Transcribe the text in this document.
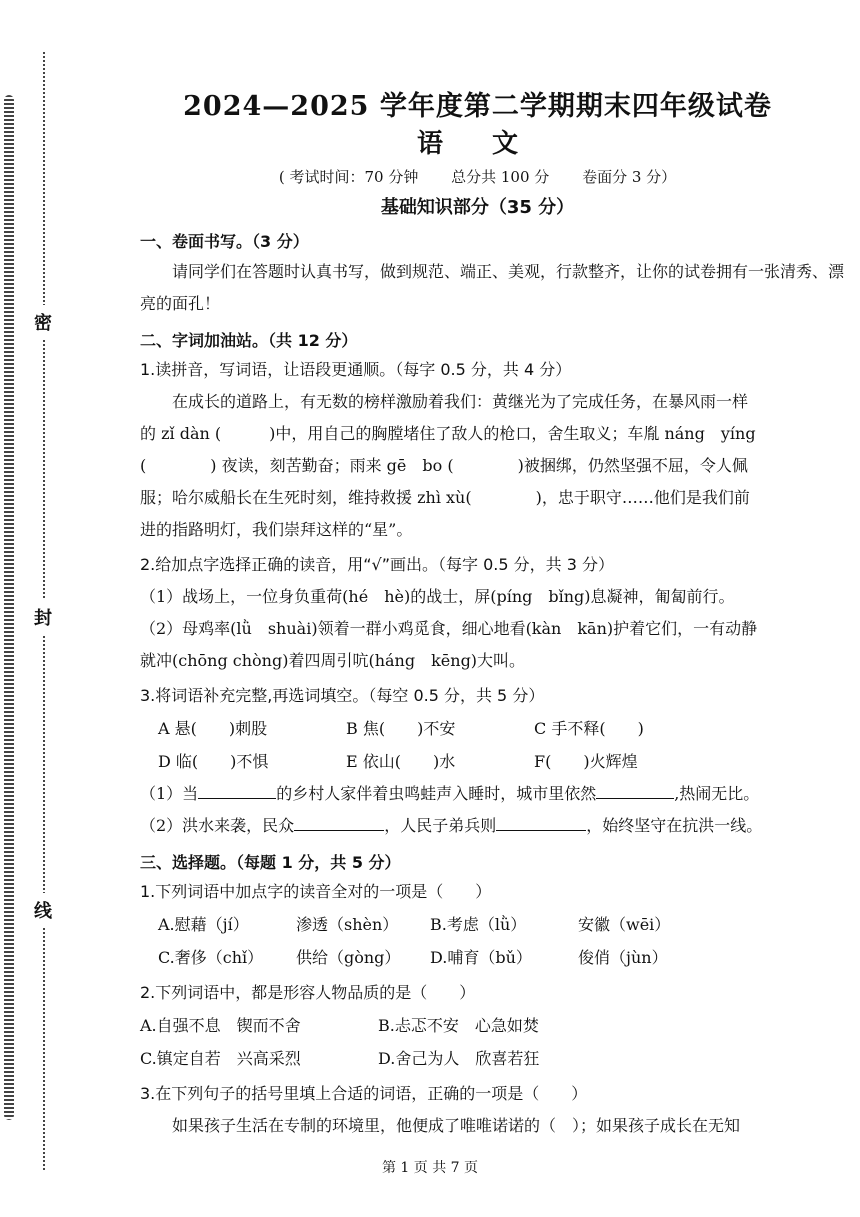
密
封
线
2024—2025 学年度第二学期期末四年级试卷
语 文
( 考试时间：70 分钟 总分共 100 分 卷面分 3 分）
基础知识部分（35 分）
一、卷面书写。（3 分）

请同学们在答题时认真书写，做到规范、端正、美观，行款整齐，让你的试卷拥有一张清秀、漂亮的面孔！

二、字词加油站。（共 12 分）
1.读拼音，写词语，让语段更通顺。（每字 0.5 分，共 4 分）

在成长的道路上，有无数的榜样激励着我们：黄继光为了完成任务，在暴风雨一样

的 zǐ dàn (　　　)中，用自己的胸膛堵住了敌人的枪口，舍生取义；车胤 náng　yíng

(　　　　) 夜读，刻苦勤奋；雨来 gē　bo (　　　　)被捆绑，仍然坚强不屈，令人佩

服；哈尔威船长在生死时刻，维持救援 zhì xù(　　　　)，忠于职守……他们是我们前

进的指路明灯，我们崇拜这样的“星”。

2.给加点字选择正确的读音，用“√”画出。（每字 0.5 分，共 3 分）

（1）战场上，一位身负重荷(hé　hè)的战士，屏(píng　bǐng)息凝神，匍匐前行。

（2）母鸡率(lǜ　shuài)领着一群小鸡觅食，细心地看(kàn　kān)护着它们，一有动静

就冲(chōng chòng)着四周引吭(háng　kēng)大叫。

3.将词语补充完整,再选词填空。（每空 0.5 分，共 5 分）
A 悬(　　)刺股	B 焦(　　)不安	C 手不释(　　)
D 临(　　)不惧	E 依山(　　)水	F(　　)火辉煌

（1）当	的乡村人家伴着虫鸣蛙声入睡时，城市里依然	,热闹无比。

（2）洪水来袭，民众	，人民子弟兵则	，始终坚守在抗洪一线。

三、选择题。（每题 1 分，共 5 分）
1.下列词语中加点字的读音全对的一项是（　　）
A.慰藉（jí）	渗透（shèn）	B.考虑（lǜ）	安徽（wēi）
C.奢侈（chǐ）	供给（gòng）	D.哺育（bǔ）	俊俏（jùn）
2.下列词语中，都是形容人物品质的是（　　）
A.自强不息　锲而不舍	B.忐忑不安　心急如焚
C.镇定自若　兴高采烈	D.舍己为人　欣喜若狂
3.在下列句子的括号里填上合适的词语，正确的一项是（　　）

如果孩子生活在专制的环境里，他便成了唯唯诺诺的（　）；如果孩子成长在无知

第 1 页 共 7 页
